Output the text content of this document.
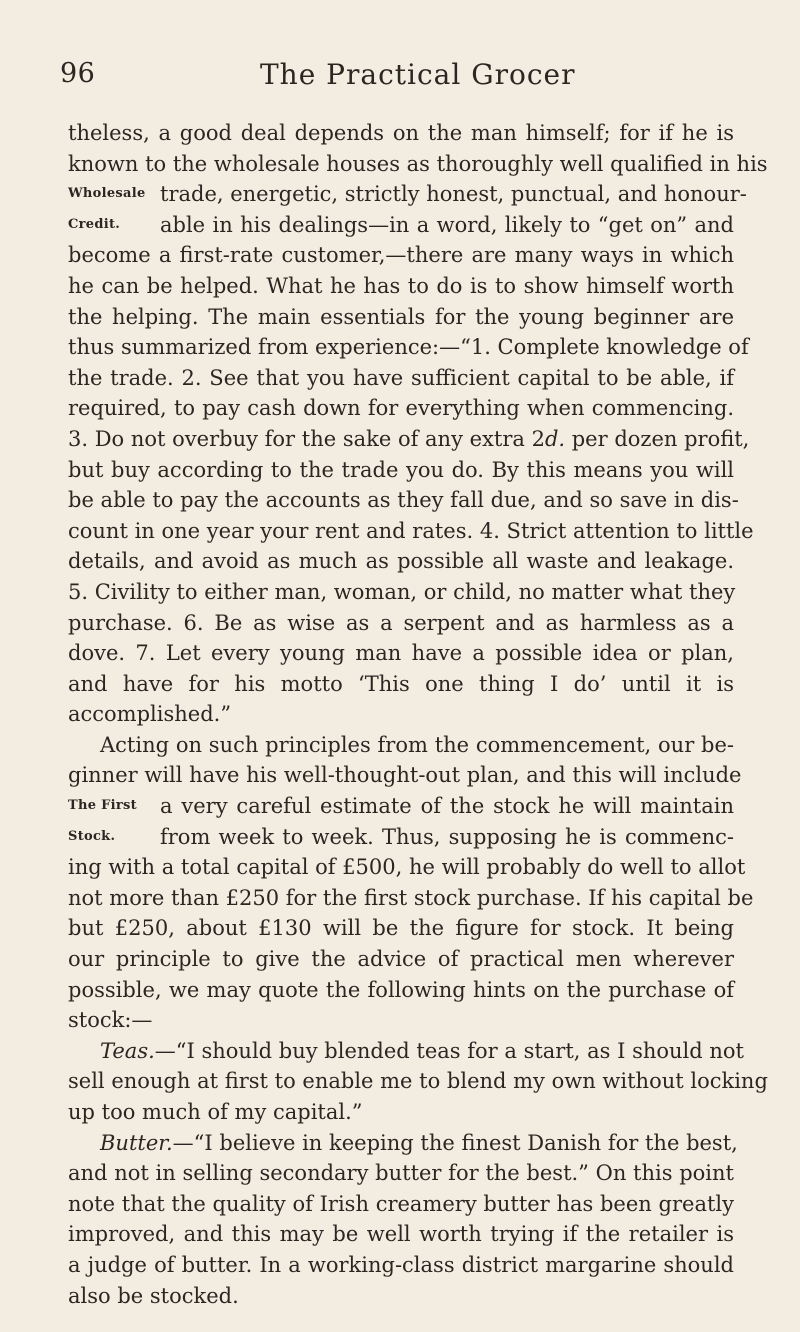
96	The Practical Grocer
theless, a good deal depends on the man himself; for if he is
known to the wholesale houses as thoroughly well qualified in his
Wholesale trade, energetic, strictly honest, punctual, and honour-
Credit. able in his dealings—in a word, likely to “get on” and
become a first-rate customer,—there are many ways in which
he can be helped. What he has to do is to show himself worth
the helping. The main essentials for the young beginner are
thus summarized from experience:—“1. Complete knowledge of
the trade. 2. See that you have sufficient capital to be able, if
required, to pay cash down for everything when commencing.
3. Do not overbuy for the sake of any extra 2d. per dozen profit,
but buy according to the trade you do. By this means you will
be able to pay the accounts as they fall due, and so save in dis-
count in one year your rent and rates. 4. Strict attention to little
details, and avoid as much as possible all waste and leakage.
5. Civility to either man, woman, or child, no matter what they
purchase. 6. Be as wise as a serpent and as harmless as a
dove. 7. Let every young man have a possible idea or plan,
and have for his motto ‘This one thing I do’ until it is
accomplished.”
Acting on such principles from the commencement, our be-
ginner will have his well-thought-out plan, and this will include
The First a very careful estimate of the stock he will maintain
Stock. from week to week. Thus, supposing he is commenc-
ing with a total capital of £500, he will probably do well to allot
not more than £250 for the first stock purchase. If his capital be
but £250, about £130 will be the figure for stock. It being
our principle to give the advice of practical men wherever
possible, we may quote the following hints on the purchase of
stock:—
Teas.—“I should buy blended teas for a start, as I should not
sell enough at first to enable me to blend my own without locking
up too much of my capital.”
Butter.—“I believe in keeping the finest Danish for the best,
and not in selling secondary butter for the best.” On this point
note that the quality of Irish creamery butter has been greatly
improved, and this may be well worth trying if the retailer is
a judge of butter. In a working-class district margarine should
also be stocked.
